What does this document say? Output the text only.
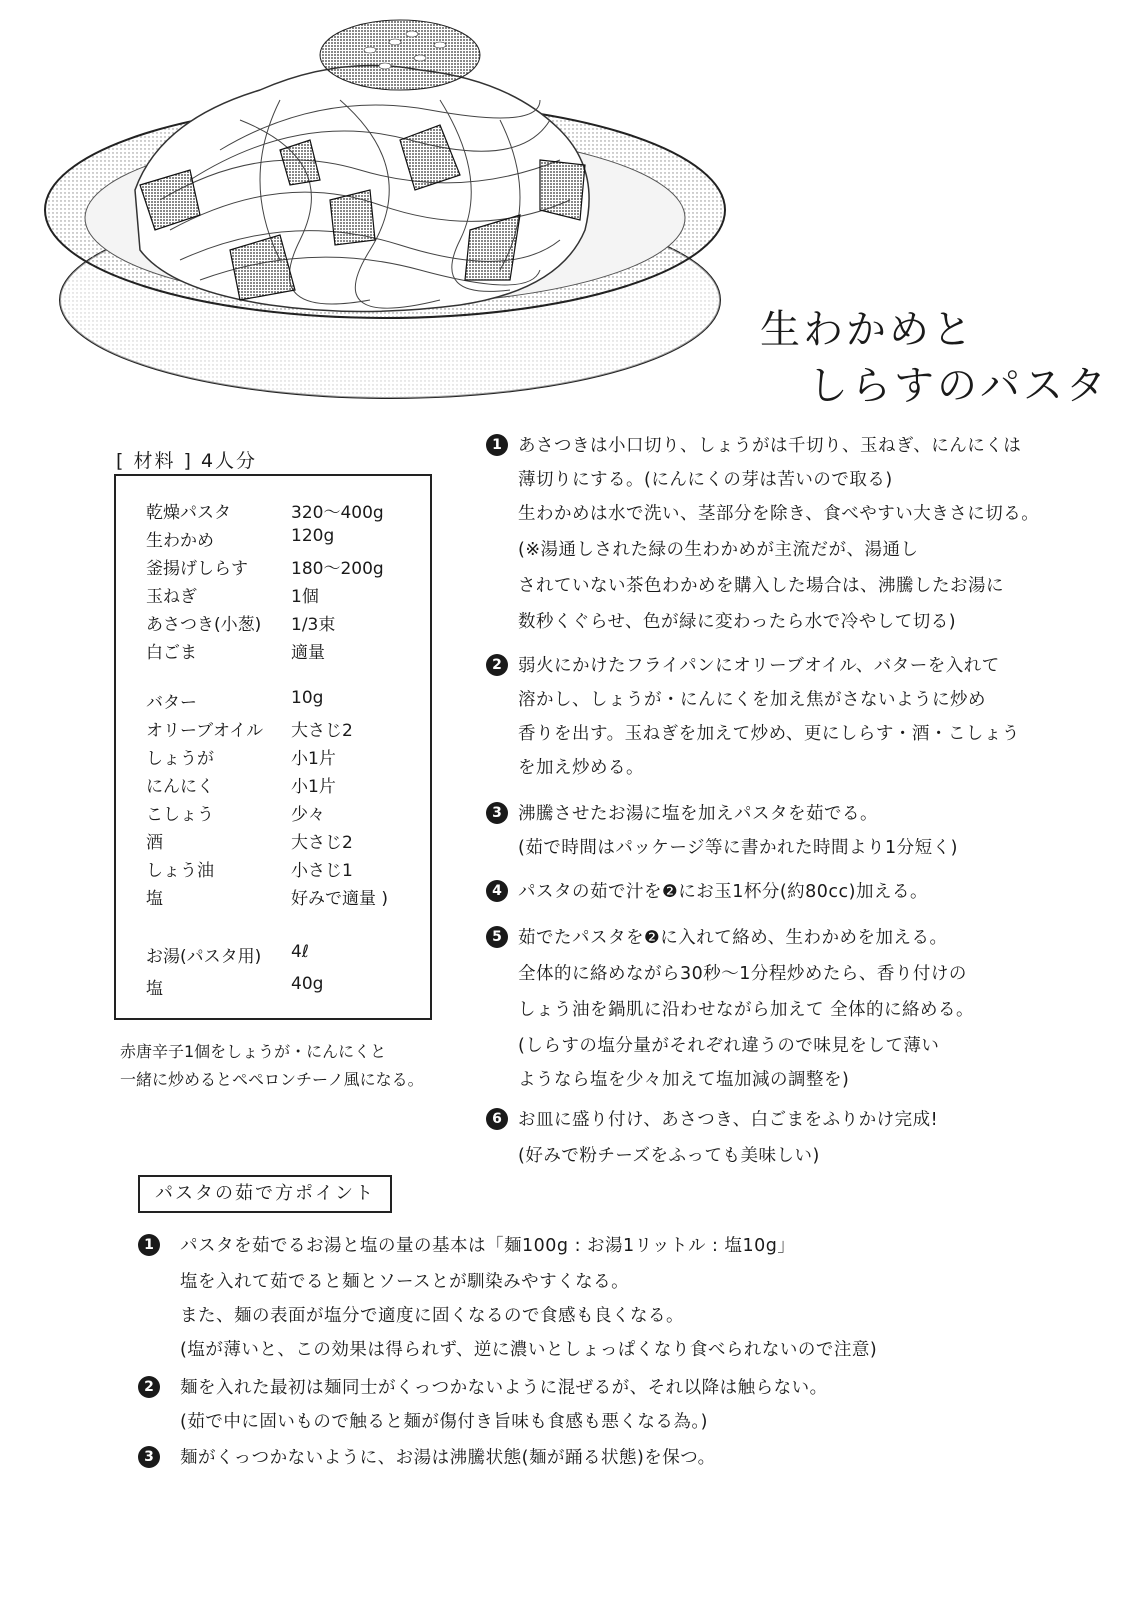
生わかめと
しらすのパスタ
[ 材料 ] 4人分
乾燥パスタ	320～400g
生わかめ	120g
釜揚げしらす	180～200g
玉ねぎ	1個
あさつき(小葱) 1/3束
白ごま	適量
バター	10g
オリーブオイル 大さじ2
しょうが	小1片
にんにく	小1片
こしょう	少々
酒	大さじ2
しょう油	小さじ1
塩	好みで適量 )
お湯(パスタ用) 4ℓ
塩	40g
赤唐辛子1個をしょうが・にんにくと
一緒に炒めるとペペロンチーノ風になる。
1 あさつきは小口切り、しょうがは千切り、玉ねぎ、にんにくは
薄切りにする。(にんにくの芽は苦いので取る)
生わかめは水で洗い、茎部分を除き、食べやすい大きさに切る。
(※湯通しされた緑の生わかめが主流だが、湯通し
されていない茶色わかめを購入した場合は、沸騰したお湯に
数秒くぐらせ、色が緑に変わったら水で冷やして切る)
2 弱火にかけたフライパンにオリーブオイル、バターを入れて
溶かし、しょうが・にんにくを加え焦がさないように炒め
香りを出す。玉ねぎを加えて炒め、更にしらす・酒・こしょう
を加え炒める。
3 沸騰させたお湯に塩を加えパスタを茹でる。
(茹で時間はパッケージ等に書かれた時間より1分短く)
4 パスタの茹で汁を❷にお玉1杯分(約80cc)加える。
5 茹でたパスタを❷に入れて絡め、生わかめを加える。
全体的に絡めながら30秒～1分程炒めたら、香り付けの
しょう油を鍋肌に沿わせながら加えて 全体的に絡める。
(しらすの塩分量がそれぞれ違うので味見をして薄い
ようなら塩を少々加えて塩加減の調整を)
6 お皿に盛り付け、あさつき、白ごまをふりかけ完成!
(好みで粉チーズをふっても美味しい)
パスタの茹で方ポイント
1	パスタを茹でるお湯と塩の量の基本は「麺100g : お湯1リットル : 塩10g」
塩を入れて茹でると麺とソースとが馴染みやすくなる。
また、麺の表面が塩分で適度に固くなるので食感も良くなる。
(塩が薄いと、この効果は得られず、逆に濃いとしょっぱくなり食べられないので注意)
2	麺を入れた最初は麺同士がくっつかないように混ぜるが、それ以降は触らない。
(茹で中に固いもので触ると麺が傷付き旨味も食感も悪くなる為。)
3	麺がくっつかないように、お湯は沸騰状態(麺が踊る状態)を保つ。
